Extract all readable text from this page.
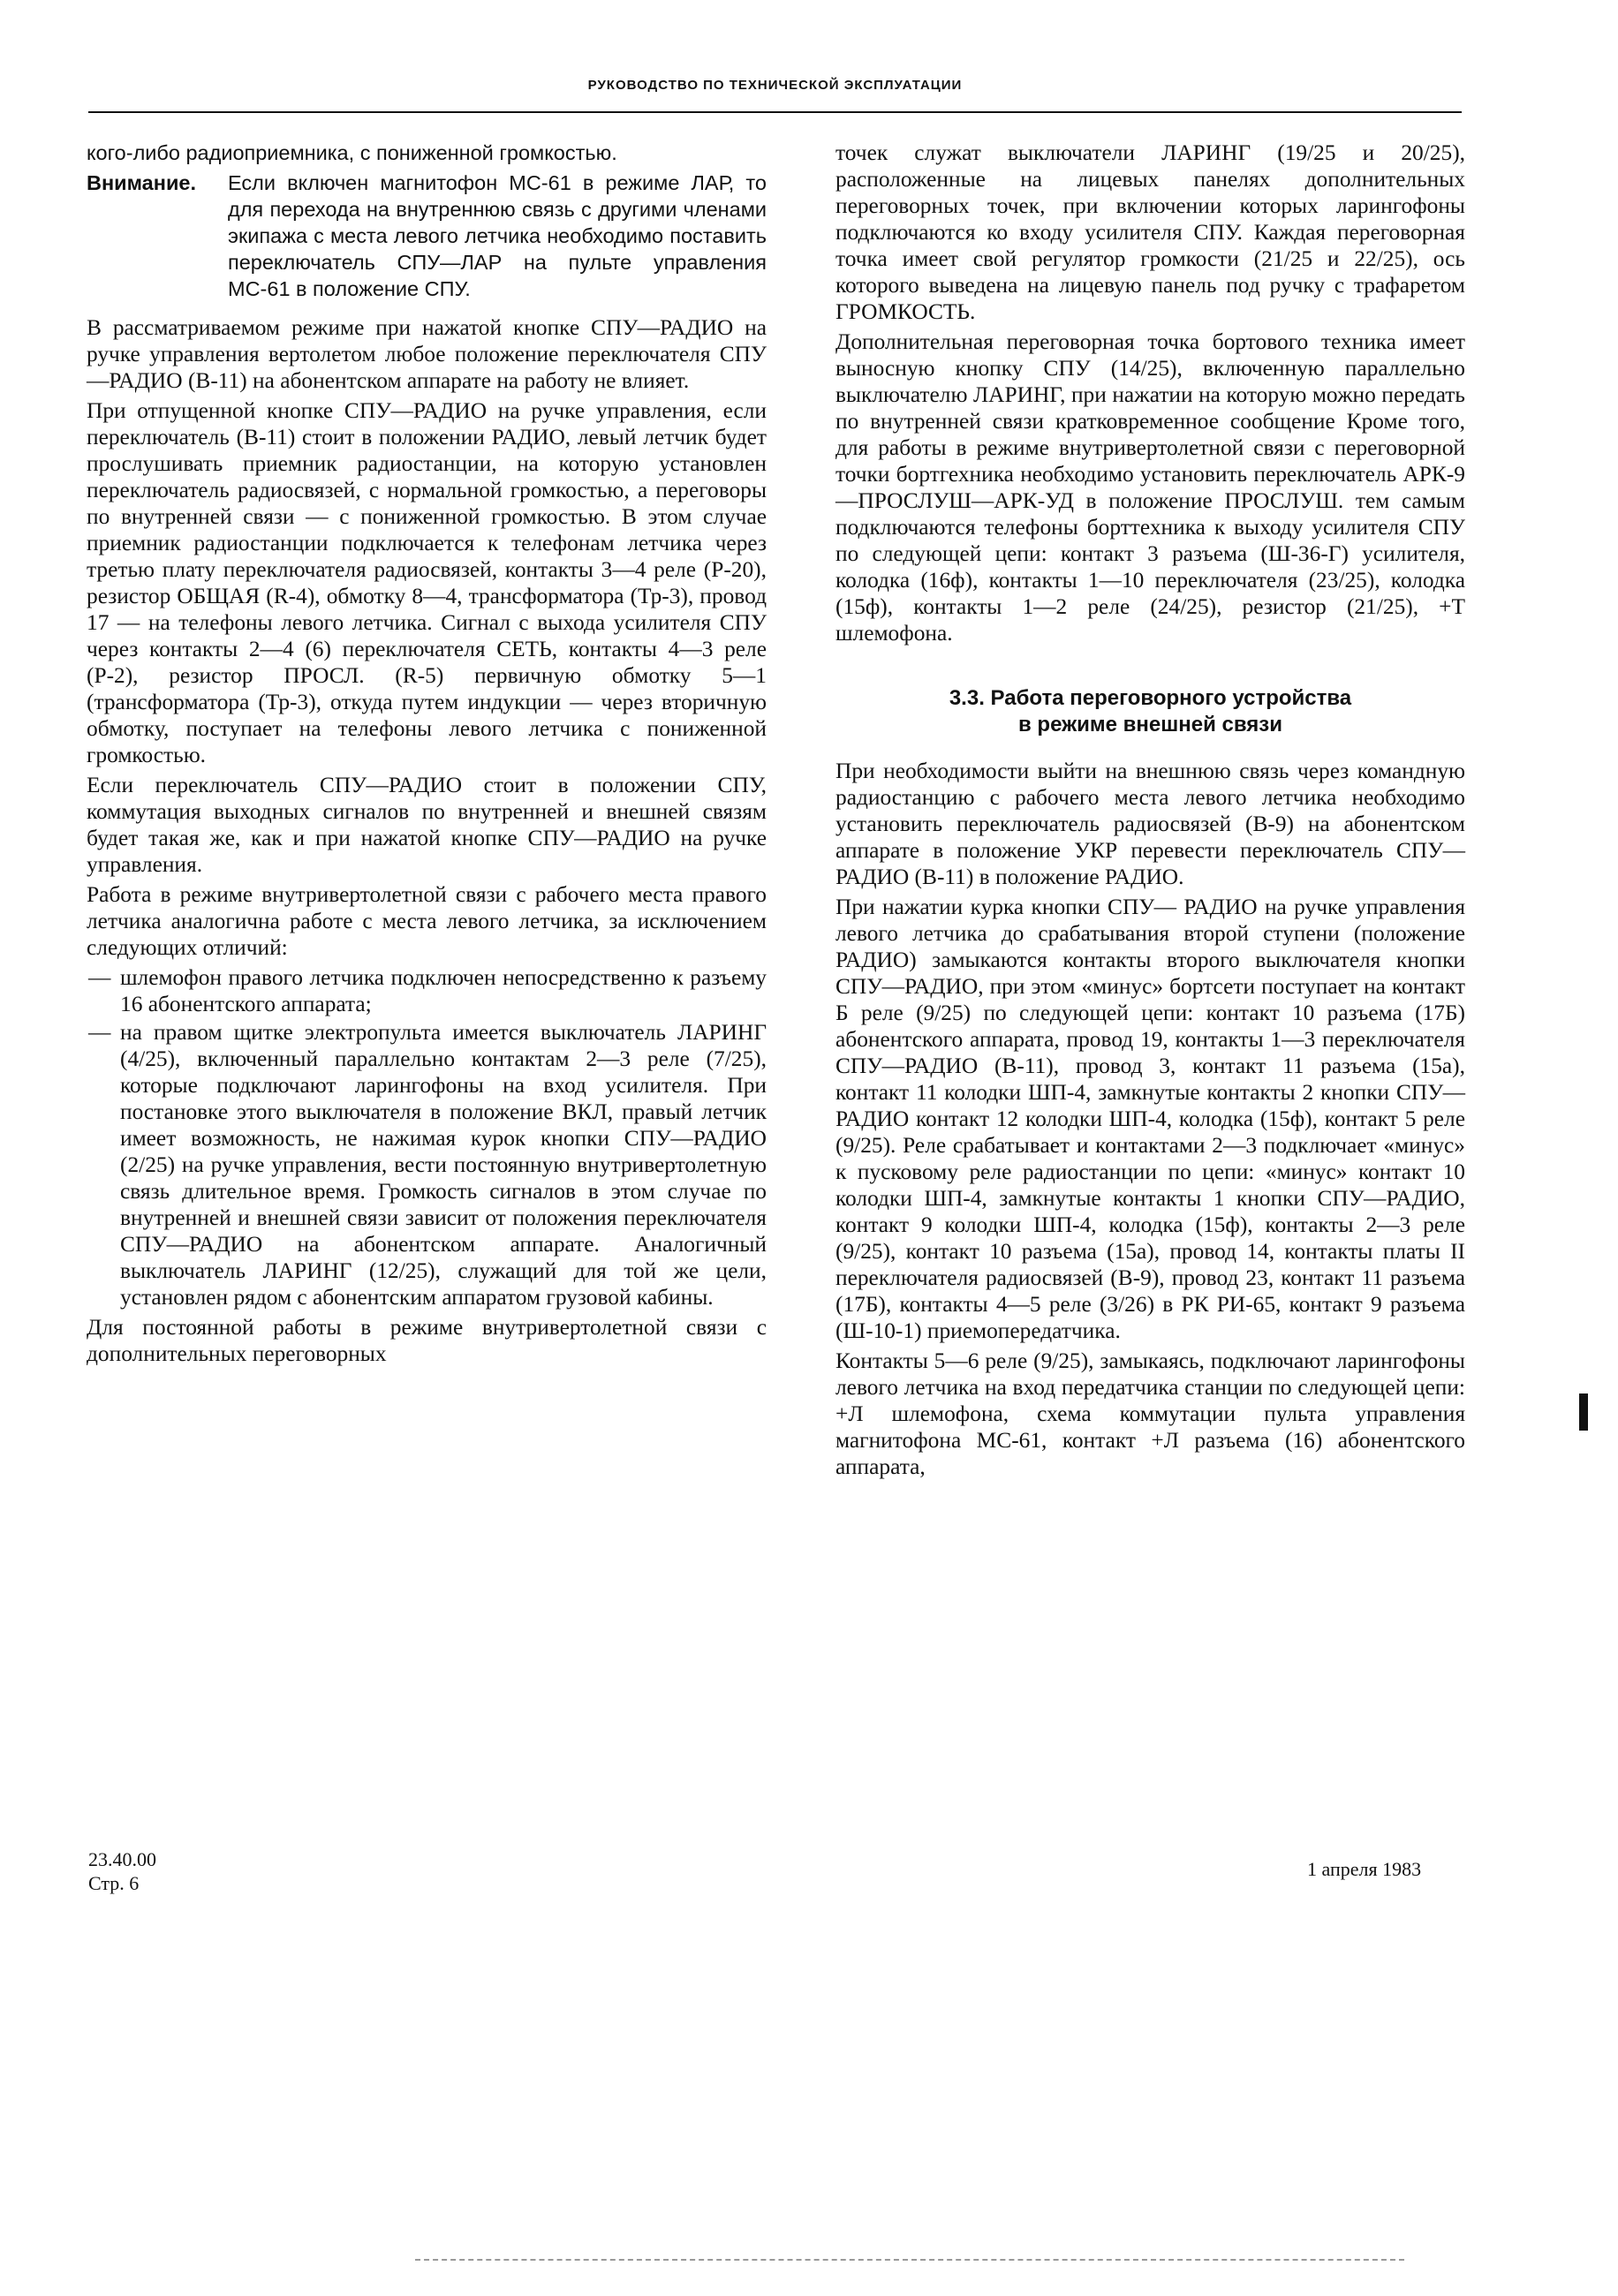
РУКОВОДСТВО ПО ТЕХНИЧЕСКОЙ ЭКСПЛУАТАЦИИ

кого-либо радиоприемника, с пониженной громкостью.

Внимание.	Если включен магнитофон МС-61 в режиме ЛАР, то для перехода на внутреннюю связь с другими членами экипажа с места левого летчика необходимо поставить переключатель СПУ—ЛАР на пульте управления МС-61 в положение СПУ.

В рассматриваемом режиме при нажатой кнопке СПУ—РАДИО на ручке управления вертолетом любое положение переключателя СПУ—РАДИО (В-11) на абонентском аппарате на работу не влияет.

При отпущенной кнопке СПУ—РАДИО на ручке управления, если переключатель (В-11) стоит в положении РАДИО, левый летчик будет прослушивать приемник радиостанции, на которую установлен переключатель радиосвязей, с нормальной громкостью, а переговоры по внутренней связи — с пониженной громкостью. В этом случае приемник радиостанции подключается к телефонам летчика через третью плату переключателя радиосвязей, контакты 3—4 реле (Р-20), резистор ОБЩАЯ (R-4), обмотку 8—4, трансформатора (Тр-3), провод 17 — на телефоны левого летчика. Сигнал с выхода усилителя СПУ через контакты 2—4 (6) переключателя СЕТЬ, контакты 4—3 реле (Р-2), резистор ПРОСЛ. (R-5) первичную обмотку 5—1 (трансформатора (Тр-3), откуда путем индукции — через вторичную обмотку, поступает на телефоны левого летчика с пониженной громкостью.

Если переключатель СПУ—РАДИО стоит в положении СПУ, коммутация выходных сигналов по внутренней и внешней связям будет такая же, как и при нажатой кнопке СПУ—РАДИО на ручке управления.

Работа в режиме внутривертолетной связи с рабочего места правого летчика аналогична работе с места левого летчика, за исключением следующих отличий:

— шлемофон правого летчика подключен непосредственно к разъему 16 абонентского аппарата;
— на правом щитке электропульта имеется выключатель ЛАРИНГ (4/25), включенный параллельно контактам 2—3 реле (7/25), которые подключают ларингофоны на вход усилителя. При постановке этого выключателя в положение ВКЛ, правый летчик имеет возможность, не нажимая курок кнопки СПУ—РАДИО (2/25) на ручке управления, вести постоянную внутривертолетную связь длительное время. Громкость сигналов в этом случае по внутренней и внешней связи зависит от положения переключателя СПУ—РАДИО на абонентском аппарате. Аналогичный выключатель ЛАРИНГ (12/25), служащий для той же цели, установлен рядом с абонентским аппаратом грузовой кабины.

Для постоянной работы в режиме внутривертолетной связи с дополнительных переговорных

точек служат выключатели ЛАРИНГ (19/25 и 20/25), расположенные на лицевых панелях дополнительных переговорных точек, при включении которых ларингофоны подключаются ко входу усилителя СПУ. Каждая переговорная точка имеет свой регулятор громкости (21/25 и 22/25), ось которого выведена на лицевую панель под ручку с трафаретом ГРОМКОСТЬ.

Дополнительная переговорная точка бортового техника имеет выносную кнопку СПУ (14/25), включенную параллельно выключателю ЛАРИНГ, при нажатии на которую можно передать по внутренней связи кратковременное сообщение Кроме того, для работы в режиме внутривертолетной связи с переговорной точки бортгехника необходимо установить переключатель АРК-9—ПРОСЛУШ—АРК-УД в положение ПРОСЛУШ. тем самым подключаются телефоны борттехника к выходу усилителя СПУ по следующей цепи: контакт 3 разъема (Ш-36-Г) усилителя, колодка (16ф), контакты 1—10 переключателя (23/25), колодка (15ф), контакты 1—2 реле (24/25), резистор (21/25), +Т шлемофона.

3.3. Работа переговорного устройства
в режиме внешней связи

При необходимости выйти на внешнюю связь через командную радиостанцию с рабочего места левого летчика необходимо установить переключатель радиосвязей (В-9) на абонентском аппарате в положение УКР перевести переключатель СПУ—РАДИО (В-11) в положение РАДИО.

При нажатии курка кнопки СПУ— РАДИО на ручке управления левого летчика до срабатывания второй ступени (положение РАДИО) замыкаются контакты второго выключателя кнопки СПУ—РАДИО, при этом «минус» бортсети поступает на контакт Б реле (9/25) по следующей цепи: контакт 10 разъема (17Б) абонентского аппарата, провод 19, контакты 1—3 переключателя СПУ—РАДИО (В-11), провод 3, контакт 11 разъема (15а), контакт 11 колодки ШП-4, замкнутые контакты 2 кнопки СПУ—РАДИО контакт 12 колодки ШП-4, колодка (15ф), контакт 5 реле (9/25). Реле срабатывает и контактами 2—3 подключает «минус» к пусковому реле радиостанции по цепи: «минус» контакт 10 колодки ШП-4, замкнутые контакты 1 кнопки СПУ—РАДИО, контакт 9 колодки ШП-4, колодка (15ф), контакты 2—3 реле (9/25), контакт 10 разъема (15а), провод 14, контакты платы II переключателя радиосвязей (В-9), провод 23, контакт 11 разъема (17Б), контакты 4—5 реле (3/26) в РК РИ-65, контакт 9 разъема (Ш-10-1) приемопередатчика.

Контакты 5—6 реле (9/25), замыкаясь, подключают ларингофоны левого летчика на вход передатчика станции по следующей цепи: +Л шлемофона, схема коммутации пульта управления магнитофона МС-61, контакт +Л разъема (16) абонентского аппарата,

23.40.00
Стр. 6
1 апреля 1983
